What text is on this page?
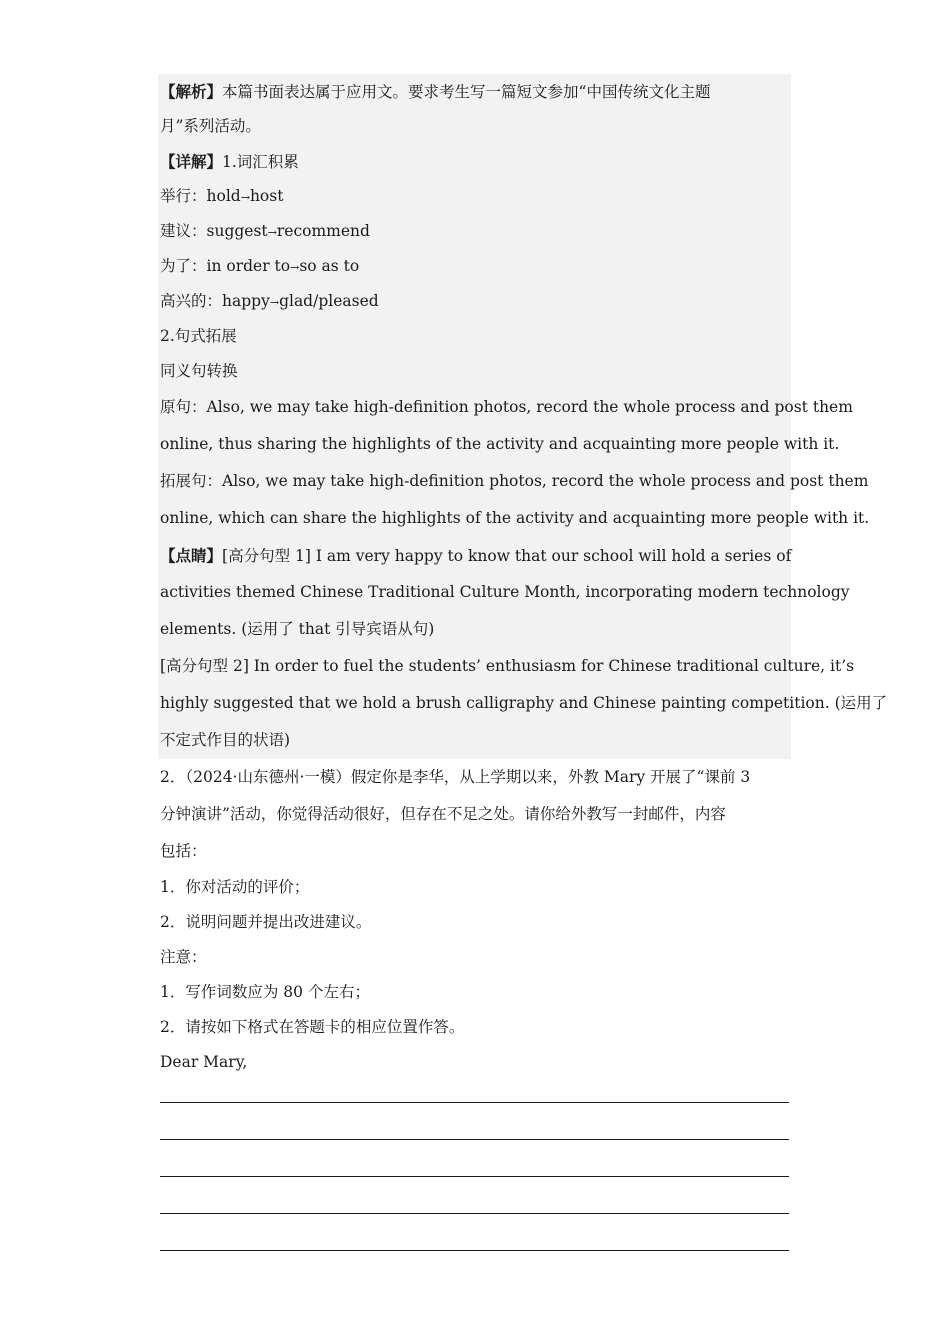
【解析】本篇书面表达属于应用文。要求考生写一篇短文参加“中国传统文化主题
月”系列活动。
【详解】1.词汇积累
举行：hold→host
建议：suggest→recommend
为了：in order to→so as to
高兴的：happy→glad/pleased
2.句式拓展
同义句转换
原句：Also, we may take high-definition photos, record the whole process and post them
online, thus sharing the highlights of the activity and acquainting more people with it.
拓展句：Also, we may take high-definition photos, record the whole process and post them
online, which can share the highlights of the activity and acquainting more people with it.
【点睛】[高分句型 1] I am very happy to know that our school will hold a series of
activities themed Chinese Traditional Culture Month, incorporating modern technology
elements. (运用了 that 引导宾语从句)
[高分句型 2] In order to fuel the students’ enthusiasm for Chinese traditional culture, it’s
highly suggested that we hold a brush calligraphy and Chinese painting competition. (运用了
不定式作目的状语)
2．（2024·山东德州·一模）假定你是李华，从上学期以来，外教 Mary 开展了“课前 3
分钟演讲”活动，你觉得活动很好，但存在不足之处。请你给外教写一封邮件，内容
包括：
1．你对活动的评价；
2．说明问题并提出改进建议。
注意：
1．写作词数应为 80 个左右；
2．请按如下格式在答题卡的相应位置作答。
Dear Mary,
